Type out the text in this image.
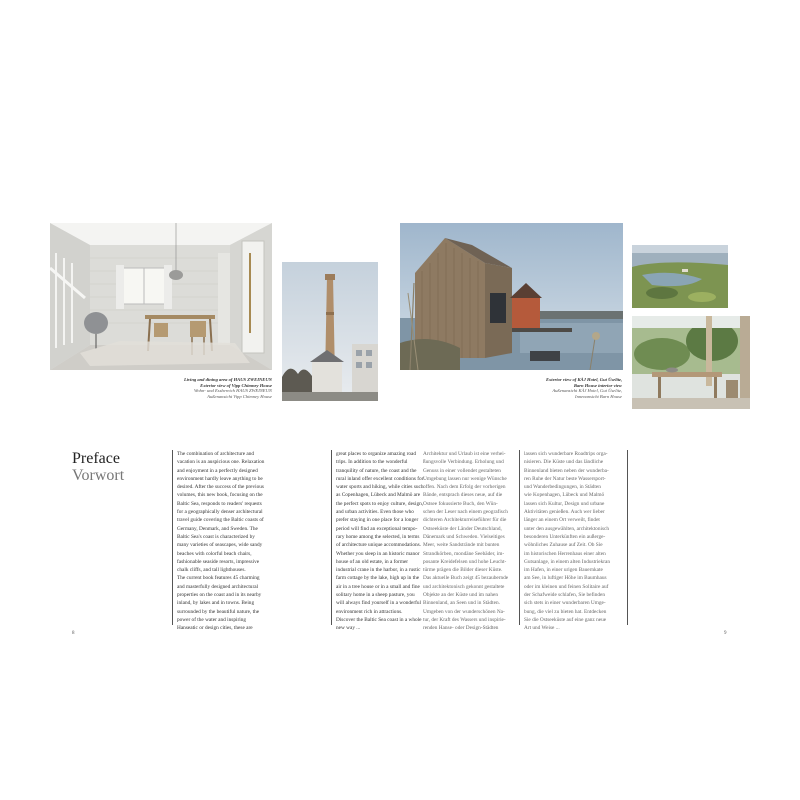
Living and dining area of HAUS ZWEINEUN
Exterior view of Vipp Chimney House
Wohn- und Essbereich HAUS ZWEINEUN
Außenansicht Vipp Chimney House
Exterior view of KÅJ Hotel, Gut Üselitz,
Barn House interior view
Außenansicht KÅJ Hotel, Gut Üselitz,
Innenansicht Barn House
Preface
Vorwort
The combination of architecture and
vacation is an auspicious one. Relaxation
and enjoyment in a perfectly designed
environment hardly leave anything to be
desired. After the success of the previous
volumes, this new book, focusing on the
Baltic Sea, responds to readers' requests
for a geographically denser architectural
travel guide covering the Baltic coasts of
Germany, Denmark, and Sweden. The
Baltic Sea's coast is characterized by
many varieties of seascapes, wide sandy
beaches with colorful beach chairs,
fashionable seaside resorts, impressive
chalk cliffs, and tall lighthouses.
The current book features 45 charming
and masterfully designed architectural
properties on the coast and in its nearby
inland, by lakes and in towns. Being
surrounded by the beautiful nature, the
power of the water and inspiring
Hanseatic or design cities, these are
great places to organize amazing road
trips. In addition to the wonderful
tranquility of nature, the coast and the
rural inland offer excellent conditions for
water sports and hiking, while cities such
as Copenhagen, Lübeck and Malmö are
the perfect spots to enjoy culture, design,
and urban activities. Even those who
prefer staying in one place for a longer
period will find an exceptional tempo-
rary home among the selected, in terms
of architecture unique accommodations.
Whether you sleep in an historic manor
house of an old estate, in a former
industrial crane in the harbor, in a rustic
farm cottage by the lake, high up in the
air in a tree house or in a small and fine
solitary home in a sheep pasture, you
will always find yourself in a wonderful
environment rich in attractions.
Discover the Baltic Sea coast in a whole
new way ...
Architektur und Urlaub ist eine verhei-
ßungsvolle Verbindung. Erholung und
Genuss in einer vollendet gestalteten
Umgebung lassen nur wenige Wünsche
offen. Nach dem Erfolg der vorherigen
Bände, entsprach dieses neue, auf die
Ostsee fokussierte Buch, den Wün-
schen der Leser nach einem geografisch
dichteren Architekturreiseführer für die
Ostseeküste der Länder Deutschland,
Dänemark und Schweden. Vielseitiges
Meer, weite Sandstrände mit bunten
Strandkörben, mondäne Seebäder, im-
posante Kreidefelsen und hohe Leucht-
türme prägen die Bilder dieser Küste.
Das aktuelle Buch zeigt 45 bezaubernde
und architektonisch gekonnt gestaltete
Objekte an der Küste und im nahen
Binnenland, an Seen und in Städten.
Umgeben von der wunderschönen Na-
tur, der Kraft des Wassers und inspirie-
renden Hanse- oder Design-Städten
lassen sich wunderbare Roadtrips orga-
nisieren. Die Küste und das ländliche
Binnenland bieten neben der wunderba-
ren Ruhe der Natur beste Wassersport-
und Wanderbedingungen, in Städten
wie Kopenhagen, Lübeck und Malmö
lassen sich Kultur, Design und urbane
Aktivitäten genießen. Auch wer lieber
länger an einem Ort verweilt, findet
unter den ausgewählten, architektonisch
besonderen Unterkünften ein außerge-
wöhnliches Zuhause auf Zeit. Ob Sie
im historischen Herrenhaus einer alten
Gutsanlage, in einem alten Industriekran
im Hafen, in einer urigen Bauernkate
am See, in luftiger Höhe im Baumhaus
oder im kleinen und feinen Solitaire auf
der Schafweide schlafen, Sie befinden
sich stets in einer wunderbaren Umge-
bung, die viel zu bieten hat. Entdecken
Sie die Ostseeküste auf eine ganz neue
Art und Weise ...
8	9
